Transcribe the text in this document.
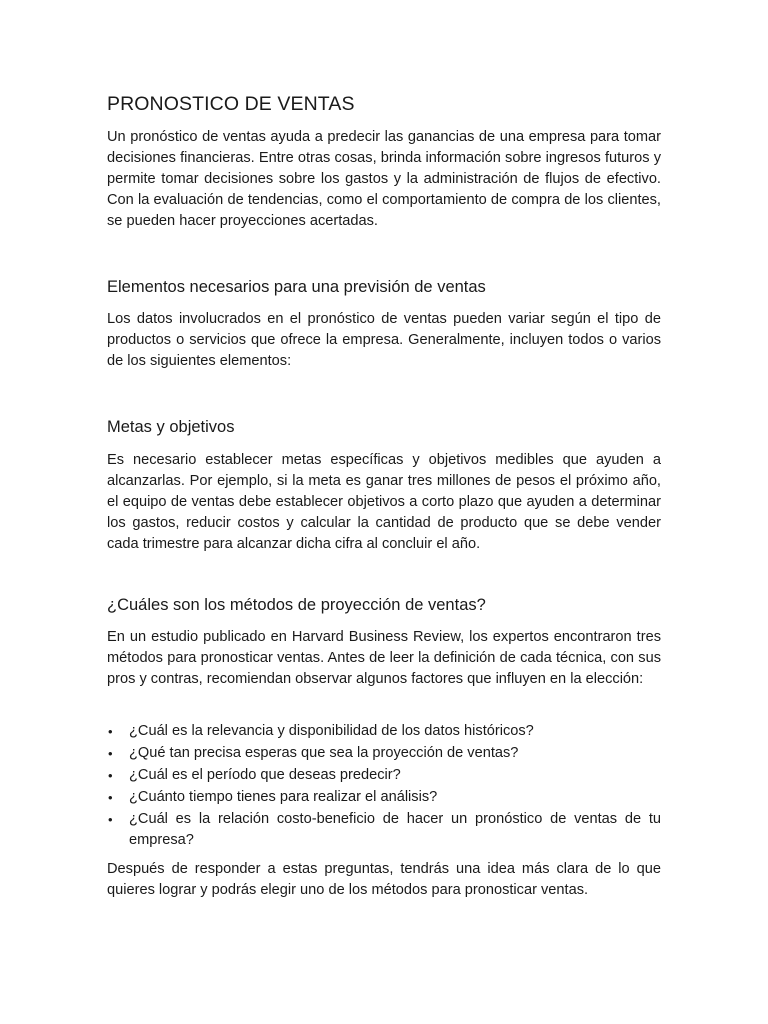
PRONOSTICO DE VENTAS

Un pronóstico de ventas ayuda a predecir las ganancias de una empresa para tomar decisiones financieras. Entre otras cosas, brinda información sobre ingresos futuros y permite tomar decisiones sobre los gastos y la administración de flujos de efectivo. Con la evaluación de tendencias, como el comportamiento de compra de los clientes, se pueden hacer proyecciones acertadas.

Elementos necesarios para una previsión de ventas

Los datos involucrados en el pronóstico de ventas pueden variar según el tipo de productos o servicios que ofrece la empresa. Generalmente, incluyen todos o varios de los siguientes elementos:

Metas y objetivos

Es necesario establecer metas específicas y objetivos medibles que ayuden a alcanzarlas. Por ejemplo, si la meta es ganar tres millones de pesos el próximo año, el equipo de ventas debe establecer objetivos a corto plazo que ayuden a determinar los gastos, reducir costos y calcular la cantidad de producto que se debe vender cada trimestre para alcanzar dicha cifra al concluir el año.

¿Cuáles son los métodos de proyección de ventas?

En un estudio publicado en Harvard Business Review, los expertos encontraron tres métodos para pronosticar ventas. Antes de leer la definición de cada técnica, con sus pros y contras, recomiendan observar algunos factores que influyen en la elección:

•	¿Cuál es la relevancia y disponibilidad de los datos históricos?
•	¿Qué tan precisa esperas que sea la proyección de ventas?
•	¿Cuál es el período que deseas predecir?
•	¿Cuánto tiempo tienes para realizar el análisis?
•	¿Cuál es la relación costo-beneficio de hacer un pronóstico de ventas de tu empresa?

Después de responder a estas preguntas, tendrás una idea más clara de lo que quieres lograr y podrás elegir uno de los métodos para pronosticar ventas.
